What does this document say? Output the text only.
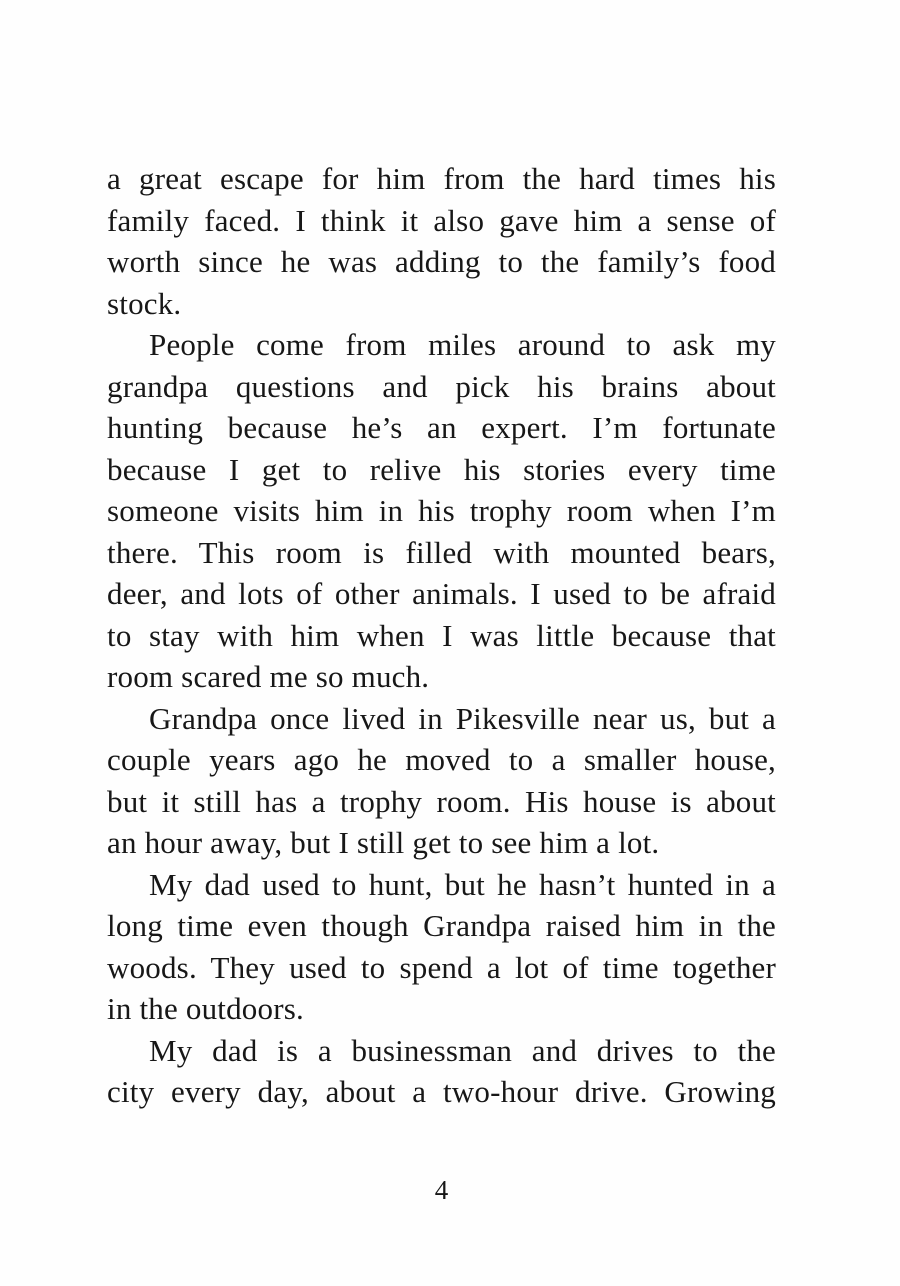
a great escape for him from the hard times his
family faced. I think it also gave him a sense of
worth since he was adding to the family’s food
stock.
People come from miles around to ask my
grandpa questions and pick his brains about
hunting because he’s an expert. I’m fortunate
because I get to relive his stories every time
someone visits him in his trophy room when I’m
there. This room is filled with mounted bears,
deer, and lots of other animals. I used to be afraid
to stay with him when I was little because that
room scared me so much.
Grandpa once lived in Pikesville near us, but a
couple years ago he moved to a smaller house,
but it still has a trophy room. His house is about
an hour away, but I still get to see him a lot.
My dad used to hunt, but he hasn’t hunted in a
long time even though Grandpa raised him in the
woods. They used to spend a lot of time together
in the outdoors.
My dad is a businessman and drives to the
city every day, about a two-hour drive. Growing
4
